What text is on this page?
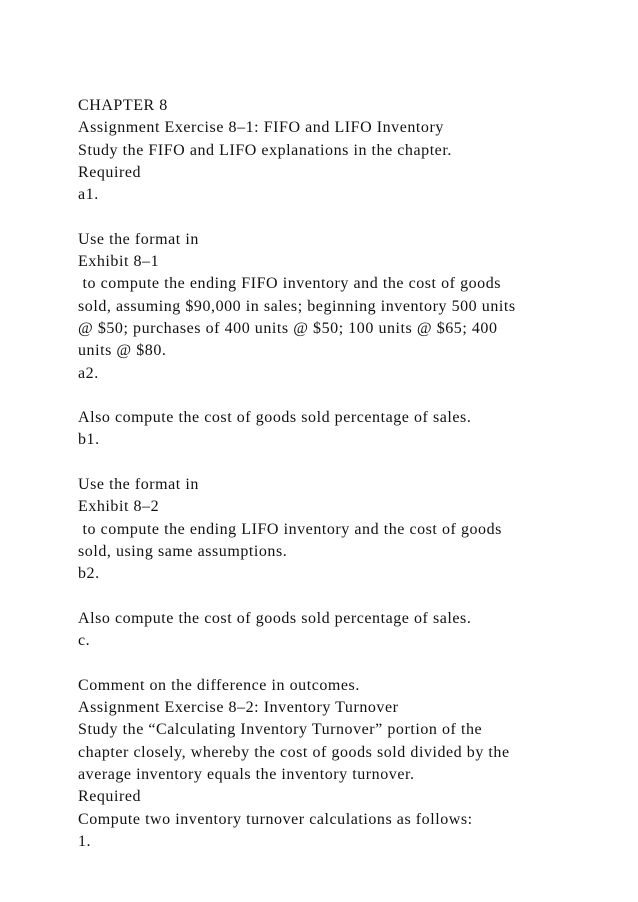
CHAPTER 8
Assignment Exercise 8–1: FIFO and LIFO Inventory
Study the FIFO and LIFO explanations in the chapter.
Required
a1.
Use the format in
Exhibit 8–1
to compute the ending FIFO inventory and the cost of goods
sold, assuming $90,000 in sales; beginning inventory 500 units
@ $50; purchases of 400 units @ $50; 100 units @ $65; 400
units @ $80.
a2.
Also compute the cost of goods sold percentage of sales.
b1.
Use the format in
Exhibit 8–2
to compute the ending LIFO inventory and the cost of goods
sold, using same assumptions.
b2.
Also compute the cost of goods sold percentage of sales.
c.
Comment on the difference in outcomes.
Assignment Exercise 8–2: Inventory Turnover
Study the “Calculating Inventory Turnover” portion of the
chapter closely, whereby the cost of goods sold divided by the
average inventory equals the inventory turnover.
Required
Compute two inventory turnover calculations as follows:
1.
